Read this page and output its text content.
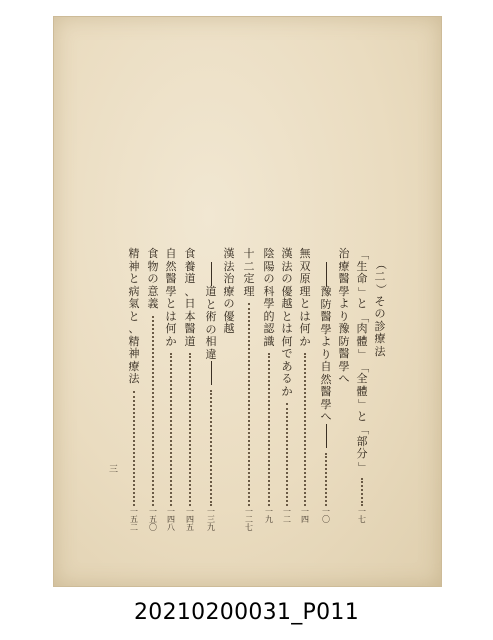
三
20210200031_P011
（
二
）
そ
の
診
療
法
「
生
命
」
と
「
肉
體
」
「
全
體
」
と
「
部
分
」
一
七
治
療
醫
學
よ
り
豫
防
醫
學
へ
豫
防
醫
學
よ
り
自
然
醫
學
へ
一
〇
無
双
原
理
と
は
何
か
一
四
漢
法
の
優
越
と
は
何
で
あ
る
か
一
二
陰
陽
の
科
學
的
認
識
一
九
十
二
定
理
一
二
七
漢
法
治
療
の
優
越
道
と
術
の
相
違
一
三
九
食
養
道
、
日
本
醫
道
一
四
五
自
然
醫
學
と
は
何
か
一
四
八
食
物
の
意
義
一
五
〇
精
神
と
病
氣
と
、
精
神
療
法
一
五
二
